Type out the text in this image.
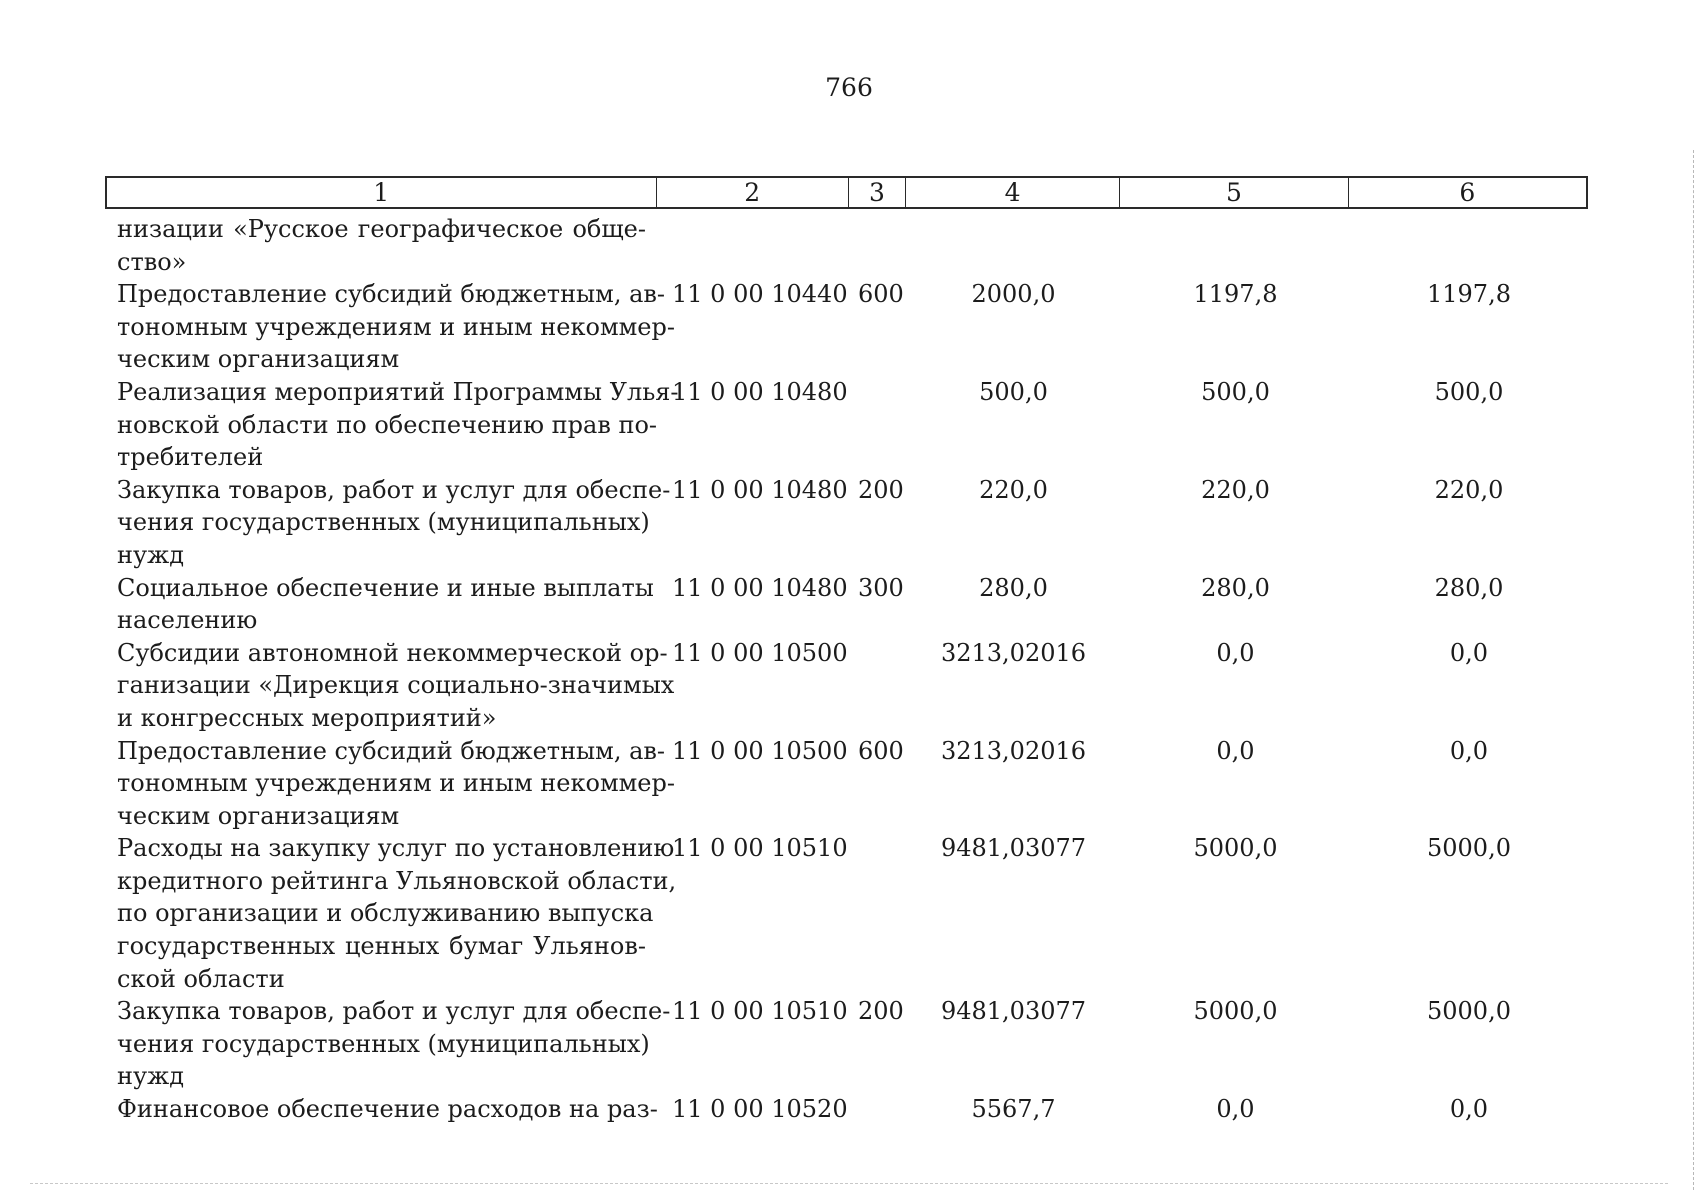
766
1	2	3	4	5	6
низации «Русское географическое обще-
ство»
Предоставление субсидий бюджетным, ав-
тономным учреждениям и иным некоммер-
ческим организациям
11 0 00 10440 600	2000,0	1197,8	1197,8
Реализация мероприятий Программы Улья-
новской области по обеспечению прав по-
требителей
11 0 00 10480	500,0	500,0	500,0
Закупка товаров, работ и услуг для обеспе-
чения государственных (муниципальных)
нужд
11 0 00 10480 200	220,0	220,0	220,0
Социальное обеспечение и иные выплаты
населению
11 0 00 10480 300	280,0	280,0	280,0
Субсидии автономной некоммерческой ор-
ганизации «Дирекция социально-значимых
и конгрессных мероприятий»
11 0 00 10500	3213,02016	0,0	0,0
Предоставление субсидий бюджетным, ав-
тономным учреждениям и иным некоммер-
ческим организациям
11 0 00 10500 600	3213,02016	0,0	0,0
Расходы на закупку услуг по установлению
кредитного рейтинга Ульяновской области,
по организации и обслуживанию выпуска
государственных ценных бумаг Ульянов-
ской области
11 0 00 10510	9481,03077	5000,0	5000,0
Закупка товаров, работ и услуг для обеспе-
чения государственных (муниципальных)
нужд
11 0 00 10510 200	9481,03077	5000,0	5000,0
Финансовое обеспечение расходов на раз- 11 0 00 10520	5567,7	0,0	0,0
